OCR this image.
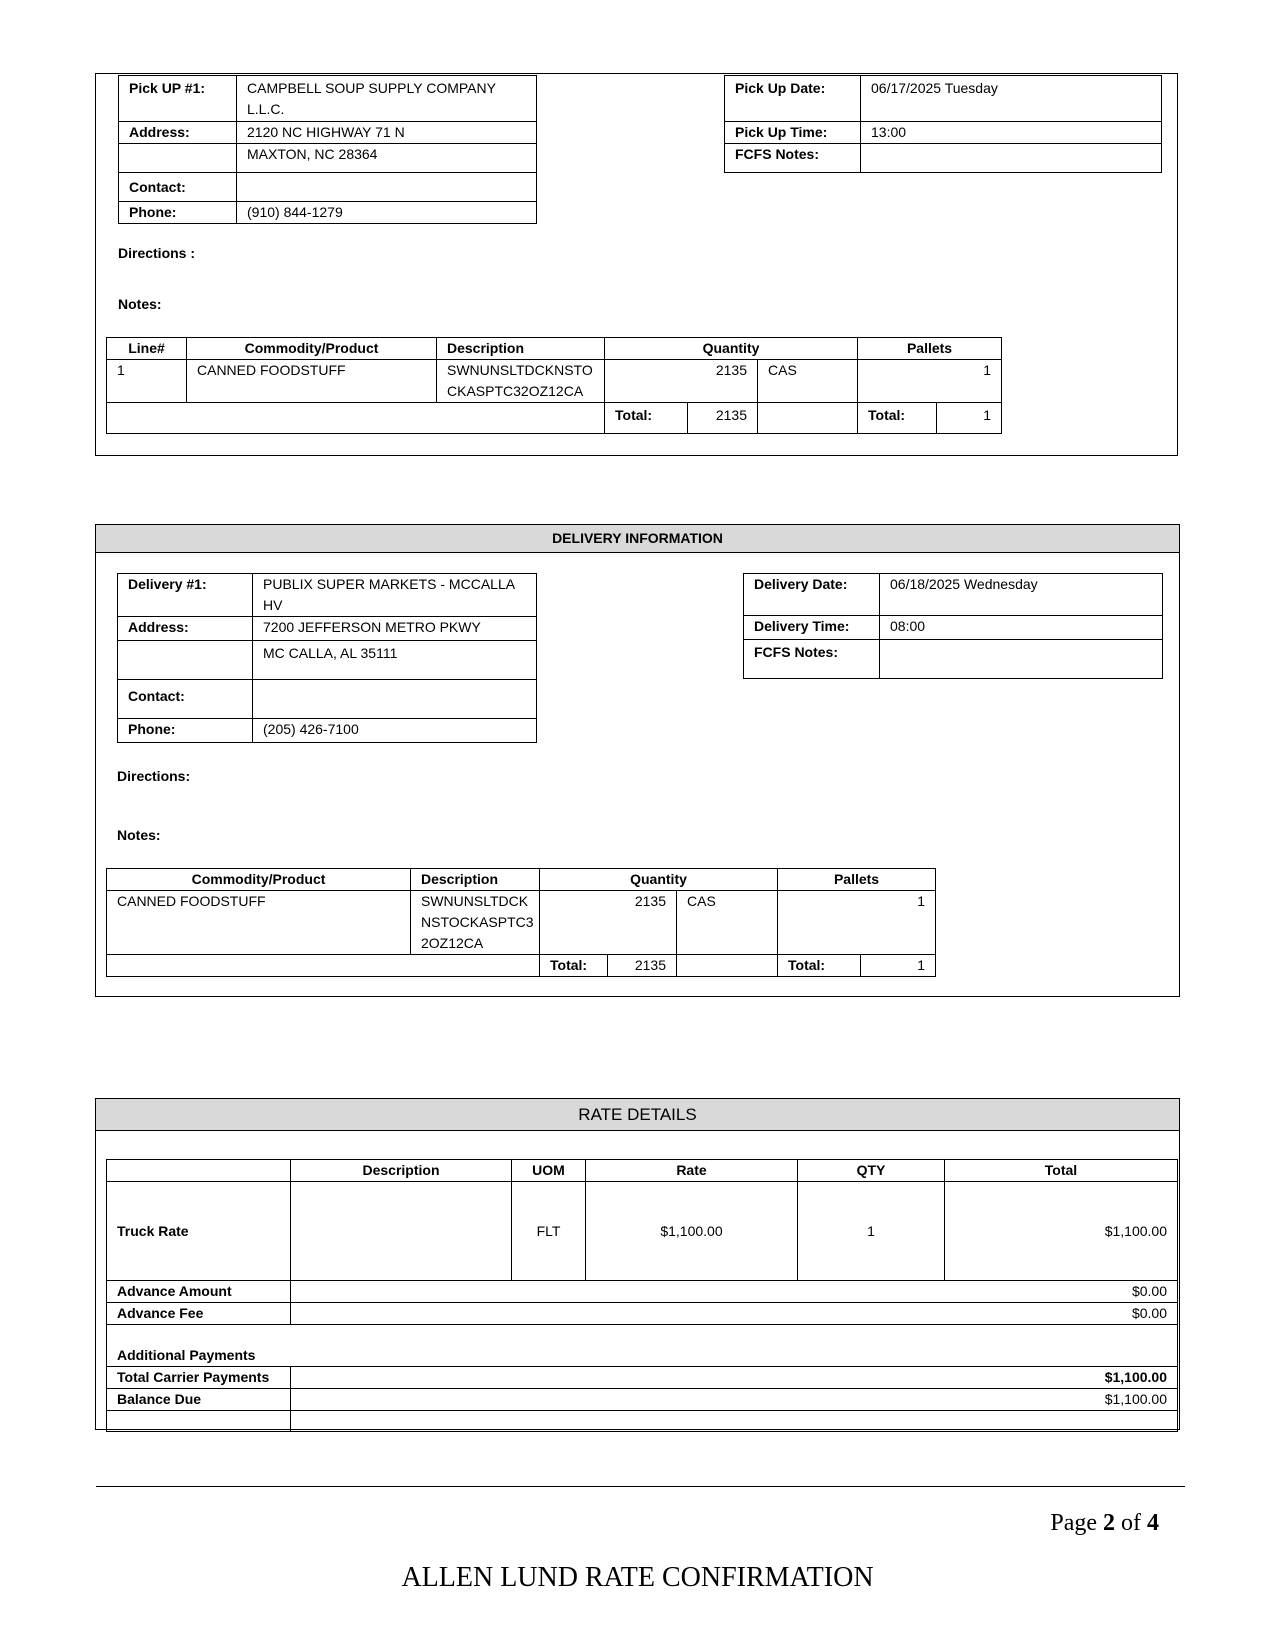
Pick UP #1:	CAMPBELL SOUP SUPPLY COMPANY
L.L.C.

Address:	2120 NC HIGHWAY 71 N
	MAXTON, NC 28364
Contact:	
Phone:	(910) 844-1279
Pick Up Date:	06/17/2025 Tuesday
Pick Up Time:	13:00
FCFS Notes:	
Directions :
Notes:
Line#	Commodity/Product	Description	Quantity			Pallets	
1	CANNED FOODSTUFF	SWNUNSLTDCKNSTO
CKASPTC32OZ12CA	2135		CAS	1	
			Total:	2135		Total:	1
DELIVERY INFORMATION
Delivery #1:	PUBLIX SUPER MARKETS - MCCALLA
HV

Address:	7200 JEFFERSON METRO PKWY
	MC CALLA, AL 35111
Contact:	
Phone:	(205) 426-7100
Delivery Date:	06/18/2025 Wednesday
Delivery Time:	08:00
FCFS Notes:	
Directions:
Notes:
Commodity/Product	Description	Quantity			Pallets	
CANNED FOODSTUFF	SWNUNSLTDCK
NSTOCKASPTC3
2OZ12CA	2135		CAS	1	
		Total:	2135		Total:	1
RATE DETAILS
	Description	UOM	Rate	QTY	Total
Truck Rate		FLT	$1,100.00	1	$1,100.00
Advance Amount	$0.00				
Advance Fee	$0.00				
Additional Payments					
Total Carrier Payments	$1,100.00				
Balance Due	$1,100.00				

Page 2 of 4
ALLEN LUND RATE CONFIRMATION
